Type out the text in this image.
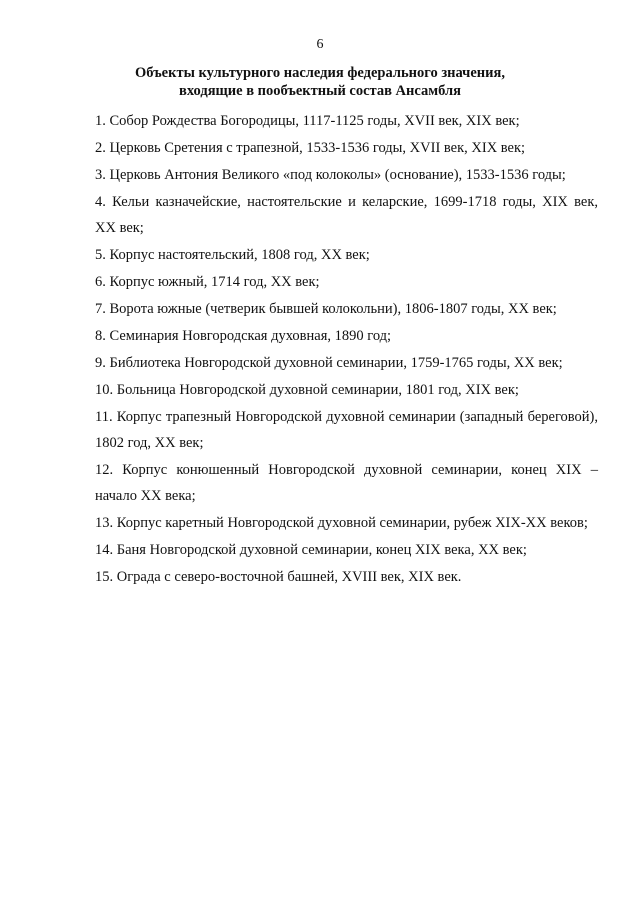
6
Объекты культурного наследия федерального значения, входящие в пообъектный состав Ансамбля
1. Собор Рождества Богородицы, 1117-1125 годы, XVII век, XIX век;
2. Церковь Сретения с трапезной, 1533-1536 годы, XVII век, XIX век;
3. Церковь Антония Великого «под колоколы» (основание), 1533-1536 годы;
4. Кельи казначейские, настоятельские и келарские, 1699-1718 годы, XIX век, XX век;
5. Корпус настоятельский, 1808 год, XX век;
6. Корпус южный, 1714 год, XX век;
7. Ворота южные (четверик бывшей колокольни), 1806-1807 годы, XX век;
8. Семинария Новгородская духовная, 1890 год;
9. Библиотека Новгородской духовной семинарии, 1759-1765 годы, XX век;
10. Больница Новгородской духовной семинарии, 1801 год, XIX век;
11. Корпус трапезный Новгородской духовной семинарии (западный береговой), 1802 год, XX век;
12. Корпус конюшенный Новгородской духовной семинарии, конец XIX – начало XX века;
13. Корпус каретный Новгородской духовной семинарии, рубеж XIX-XX веков;
14. Баня Новгородской духовной семинарии, конец XIX века, XX век;
15. Ограда с северо-восточной башней, XVIII век, XIX век.
